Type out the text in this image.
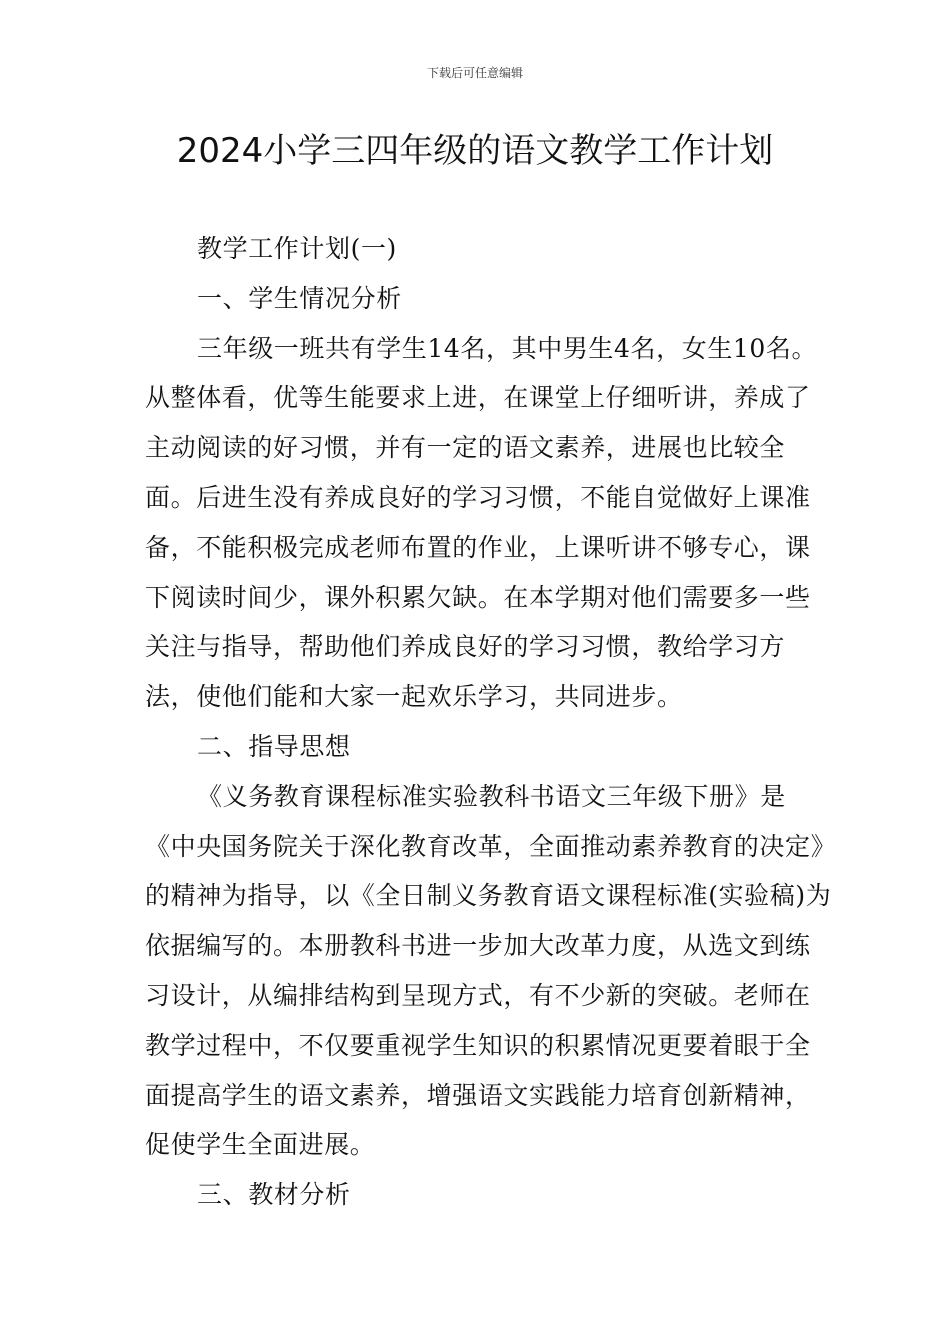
下载后可任意编辑
2024小学三四年级的语文教学工作计划

教学工作计划(一)

一、学生情况分析

三年级一班共有学生14名，其中男生4名，女生10名。从整体看，优等生能要求上进，在课堂上仔细听讲，养成了主动阅读的好习惯，并有一定的语文素养，进展也比较全面。后进生没有养成良好的学习习惯，不能自觉做好上课准备，不能积极完成老师布置的作业，上课听讲不够专心，课下阅读时间少，课外积累欠缺。在本学期对他们需要多一些关注与指导，帮助他们养成良好的学习习惯，教给学习方法，使他们能和大家一起欢乐学习，共同进步。

二、指导思想

《义务教育课程标准实验教科书语文三年级下册》是《中央国务院关于深化教育改革，全面推动素养教育的决定》的精神为指导，以《全日制义务教育语文课程标准(实验稿)为依据编写的。本册教科书进一步加大改革力度，从选文到练习设计，从编排结构到呈现方式，有不少新的突破。老师在教学过程中，不仅要重视学生知识的积累情况更要着眼于全面提高学生的语文素养，增强语文实践能力培育创新精神，促使学生全面进展。

三、教材分析
